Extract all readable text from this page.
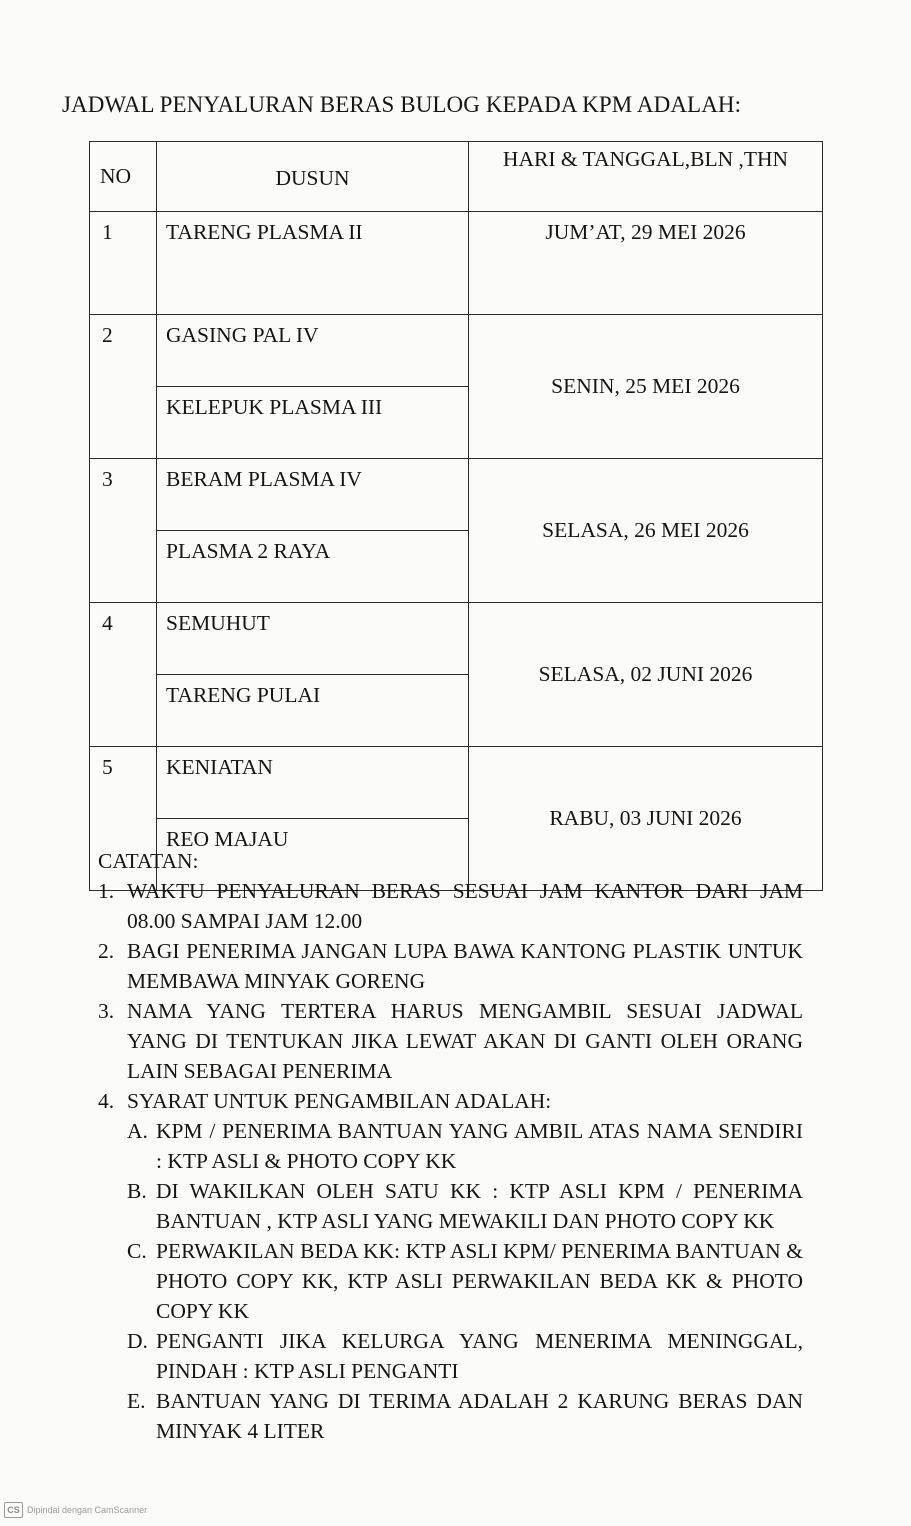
JADWAL PENYALURAN BERAS BULOG KEPADA KPM ADALAH:
NO	DUSUN	HARI & TANGGAL,BLN ,THN
1	TARENG PLASMA II	JUM’AT, 29 MEI 2026
2	GASING PAL IV	SENIN, 25 MEI 2026
	KELEPUK PLASMA III	
3	BERAM PLASMA IV	SELASA, 26 MEI 2026
	PLASMA 2 RAYA	
4	SEMUHUT	SELASA, 02 JUNI 2026
	TARENG PULAI	
5	KENIATAN	RABU, 03 JUNI 2026
	REO MAJAU	
CATATAN:
1. WAKTU PENYALURAN BERAS SESUAI JAM KANTOR DARI JAM 08.00 SAMPAI JAM 12.00
2. BAGI PENERIMA JANGAN LUPA BAWA KANTONG PLASTIK UNTUK MEMBAWA MINYAK GORENG
3. NAMA YANG TERTERA HARUS MENGAMBIL SESUAI JADWAL YANG DI TENTUKAN JIKA LEWAT AKAN DI GANTI OLEH ORANG LAIN SEBAGAI PENERIMA
4. SYARAT UNTUK PENGAMBILAN ADALAH:
A. KPM / PENERIMA BANTUAN YANG AMBIL ATAS NAMA SENDIRI : KTP ASLI & PHOTO COPY KK
B. DI WAKILKAN OLEH SATU KK : KTP ASLI KPM / PENERIMA BANTUAN , KTP ASLI YANG MEWAKILI DAN PHOTO COPY KK
C. PERWAKILAN BEDA KK: KTP ASLI KPM/ PENERIMA BANTUAN & PHOTO COPY KK, KTP ASLI PERWAKILAN BEDA KK & PHOTO COPY KK
D. PENGANTI JIKA KELURGA YANG MENERIMA MENINGGAL, PINDAH : KTP ASLI PENGANTI
E. BANTUAN YANG DI TERIMA ADALAH 2 KARUNG BERAS DAN MINYAK 4 LITER
CS Dipindai dengan CamScanner
